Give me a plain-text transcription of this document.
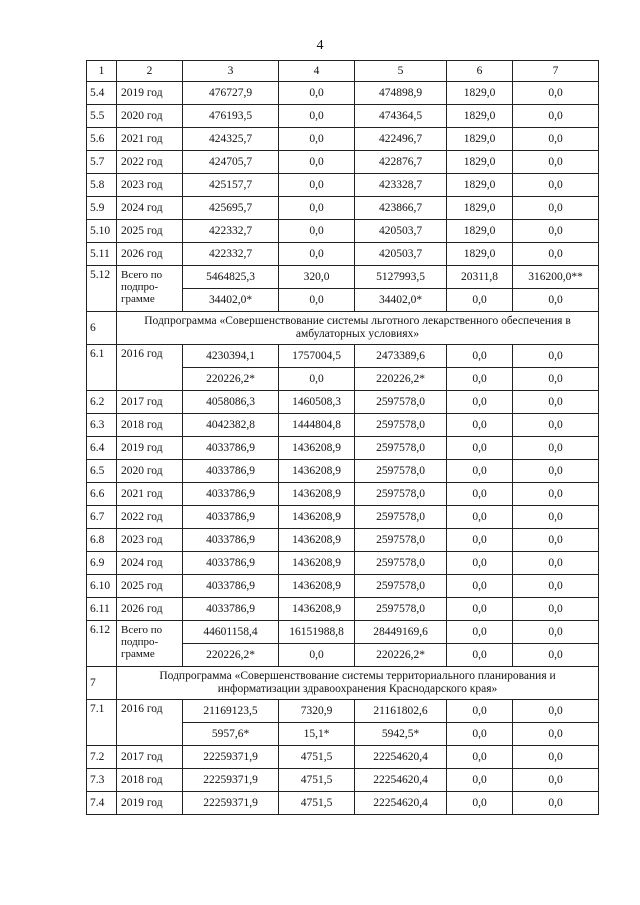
4
1	2	3	4	5	6	7
5.4	2019 год	476727,9	0,0	474898,9	1829,0	0,0
5.5	2020 год	476193,5	0,0	474364,5	1829,0	0,0
5.6	2021 год	424325,7	0,0	422496,7	1829,0	0,0
5.7	2022 год	424705,7	0,0	422876,7	1829,0	0,0
5.8	2023 год	425157,7	0,0	423328,7	1829,0	0,0
5.9	2024 год	425695,7	0,0	423866,7	1829,0	0,0
5.10	2025 год	422332,7	0,0	420503,7	1829,0	0,0
5.11	2026 год	422332,7	0,0	420503,7	1829,0	0,0
5.12	Всего по подпро-грамме	5464825,3	320,0	5127993,5	20311,8	316200,0**
		34402,0*	0,0	34402,0*	0,0	0,0
6	Подпрограмма «Совершенствование системы льготного лекарственного обеспечения в амбулаторных условиях»					
6.1	2016 год	4230394,1	1757004,5	2473389,6	0,0	0,0
		220226,2*	0,0	220226,2*	0,0	0,0
6.2	2017 год	4058086,3	1460508,3	2597578,0	0,0	0,0
6.3	2018 год	4042382,8	1444804,8	2597578,0	0,0	0,0
6.4	2019 год	4033786,9	1436208,9	2597578,0	0,0	0,0
6.5	2020 год	4033786,9	1436208,9	2597578,0	0,0	0,0
6.6	2021 год	4033786,9	1436208,9	2597578,0	0,0	0,0
6.7	2022 год	4033786,9	1436208,9	2597578,0	0,0	0,0
6.8	2023 год	4033786,9	1436208,9	2597578,0	0,0	0,0
6.9	2024 год	4033786,9	1436208,9	2597578,0	0,0	0,0
6.10	2025 год	4033786,9	1436208,9	2597578,0	0,0	0,0
6.11	2026 год	4033786,9	1436208,9	2597578,0	0,0	0,0
6.12	Всего по подпро-грамме	44601158,4	16151988,8	28449169,6	0,0	0,0
		220226,2*	0,0	220226,2*	0,0	0,0
7	Подпрограмма «Совершенствование системы территориального планирования и информатизации здравоохранения Краснодарского края»					
7.1	2016 год	21169123,5	7320,9	21161802,6	0,0	0,0
		5957,6*	15,1*	5942,5*	0,0	0,0
7.2	2017 год	22259371,9	4751,5	22254620,4	0,0	0,0
7.3	2018 год	22259371,9	4751,5	22254620,4	0,0	0,0
7.4	2019 год	22259371,9	4751,5	22254620,4	0,0	0,0
